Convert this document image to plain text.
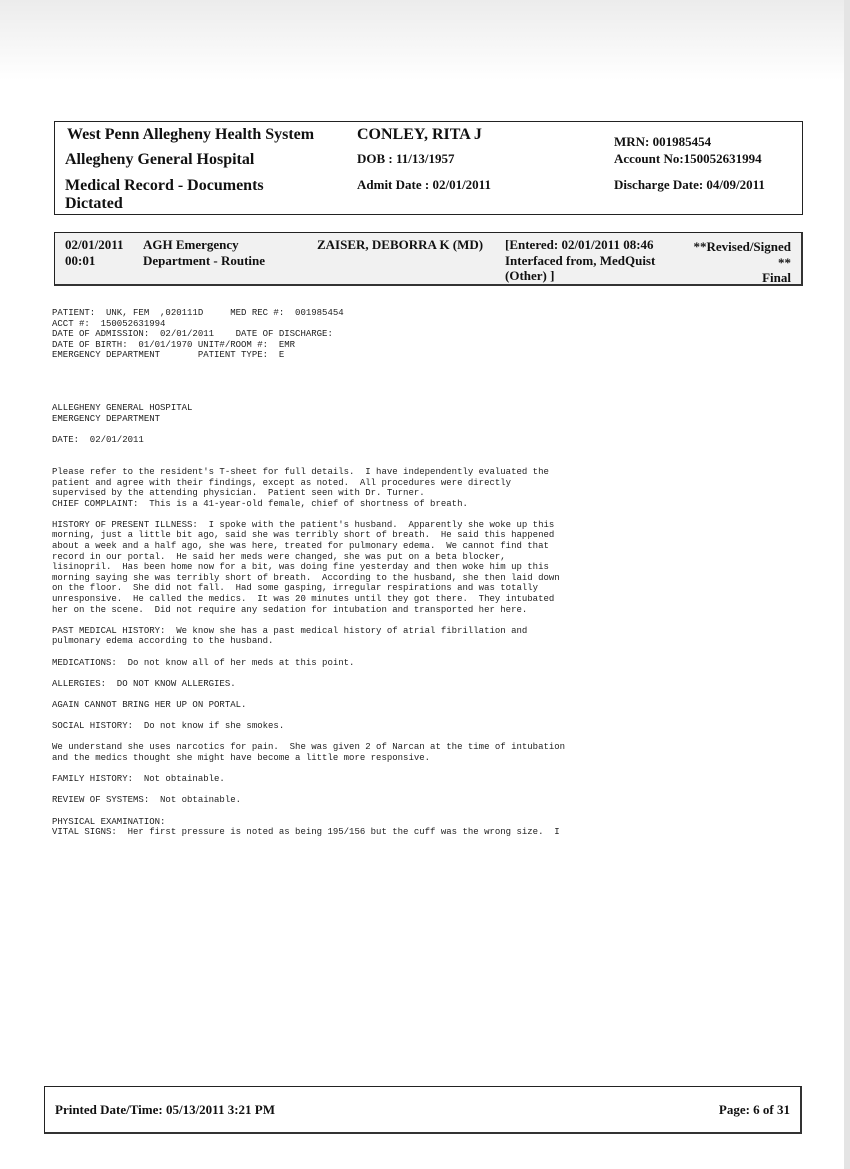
West Penn Allegheny Health System
Allegheny General Hospital
Medical Record - Documents
Dictated
CONLEY, RITA J
DOB : 11/13/1957
Admit Date : 02/01/2011
MRN: 001985454
Account No:150052631994
Discharge Date: 04/09/2011
02/01/2011
00:01
AGH Emergency
Department - Routine
ZAISER, DEBORRA K (MD) [Entered: 02/01/2011 08:46
Interfaced from, MedQuist
(Other) ]
**Revised/Signed
**
Final
PATIENT:  UNK, FEM  ,020111D     MED REC #:  001985454
ACCT #:  150052631994
DATE OF ADMISSION:  02/01/2011    DATE OF DISCHARGE:
DATE OF BIRTH:  01/01/1970 UNIT#/ROOM #:  EMR
EMERGENCY DEPARTMENT       PATIENT TYPE:  E

ALLEGHENY GENERAL HOSPITAL
EMERGENCY DEPARTMENT

DATE:  02/01/2011

Please refer to the resident's T-sheet for full details.  I have independently evaluated the
patient and agree with their findings, except as noted.  All procedures were directly
supervised by the attending physician.  Patient seen with Dr. Turner.
CHIEF COMPLAINT:  This is a 41-year-old female, chief of shortness of breath.

HISTORY OF PRESENT ILLNESS:  I spoke with the patient's husband.  Apparently she woke up this
morning, just a little bit ago, said she was terribly short of breath.  He said this happened
about a week and a half ago, she was here, treated for pulmonary edema.  We cannot find that
record in our portal.  He said her meds were changed, she was put on a beta blocker,
lisinopril.  Has been home now for a bit, was doing fine yesterday and then woke him up this
morning saying she was terribly short of breath.  According to the husband, she then laid down
on the floor.  She did not fall.  Had some gasping, irregular respirations and was totally
unresponsive.  He called the medics.  It was 20 minutes until they got there.  They intubated
her on the scene.  Did not require any sedation for intubation and transported her here.

PAST MEDICAL HISTORY:  We know she has a past medical history of atrial fibrillation and
pulmonary edema according to the husband.

MEDICATIONS:  Do not know all of her meds at this point.

ALLERGIES:  DO NOT KNOW ALLERGIES.

AGAIN CANNOT BRING HER UP ON PORTAL.

SOCIAL HISTORY:  Do not know if she smokes.

We understand she uses narcotics for pain.  She was given 2 of Narcan at the time of intubation
and the medics thought she might have become a little more responsive.

FAMILY HISTORY:  Not obtainable.

REVIEW OF SYSTEMS:  Not obtainable.

PHYSICAL EXAMINATION:
VITAL SIGNS:  Her first pressure is noted as being 195/156 but the cuff was the wrong size.  I
Printed Date/Time: 05/13/2011 3:21 PM	Page: 6 of 31
